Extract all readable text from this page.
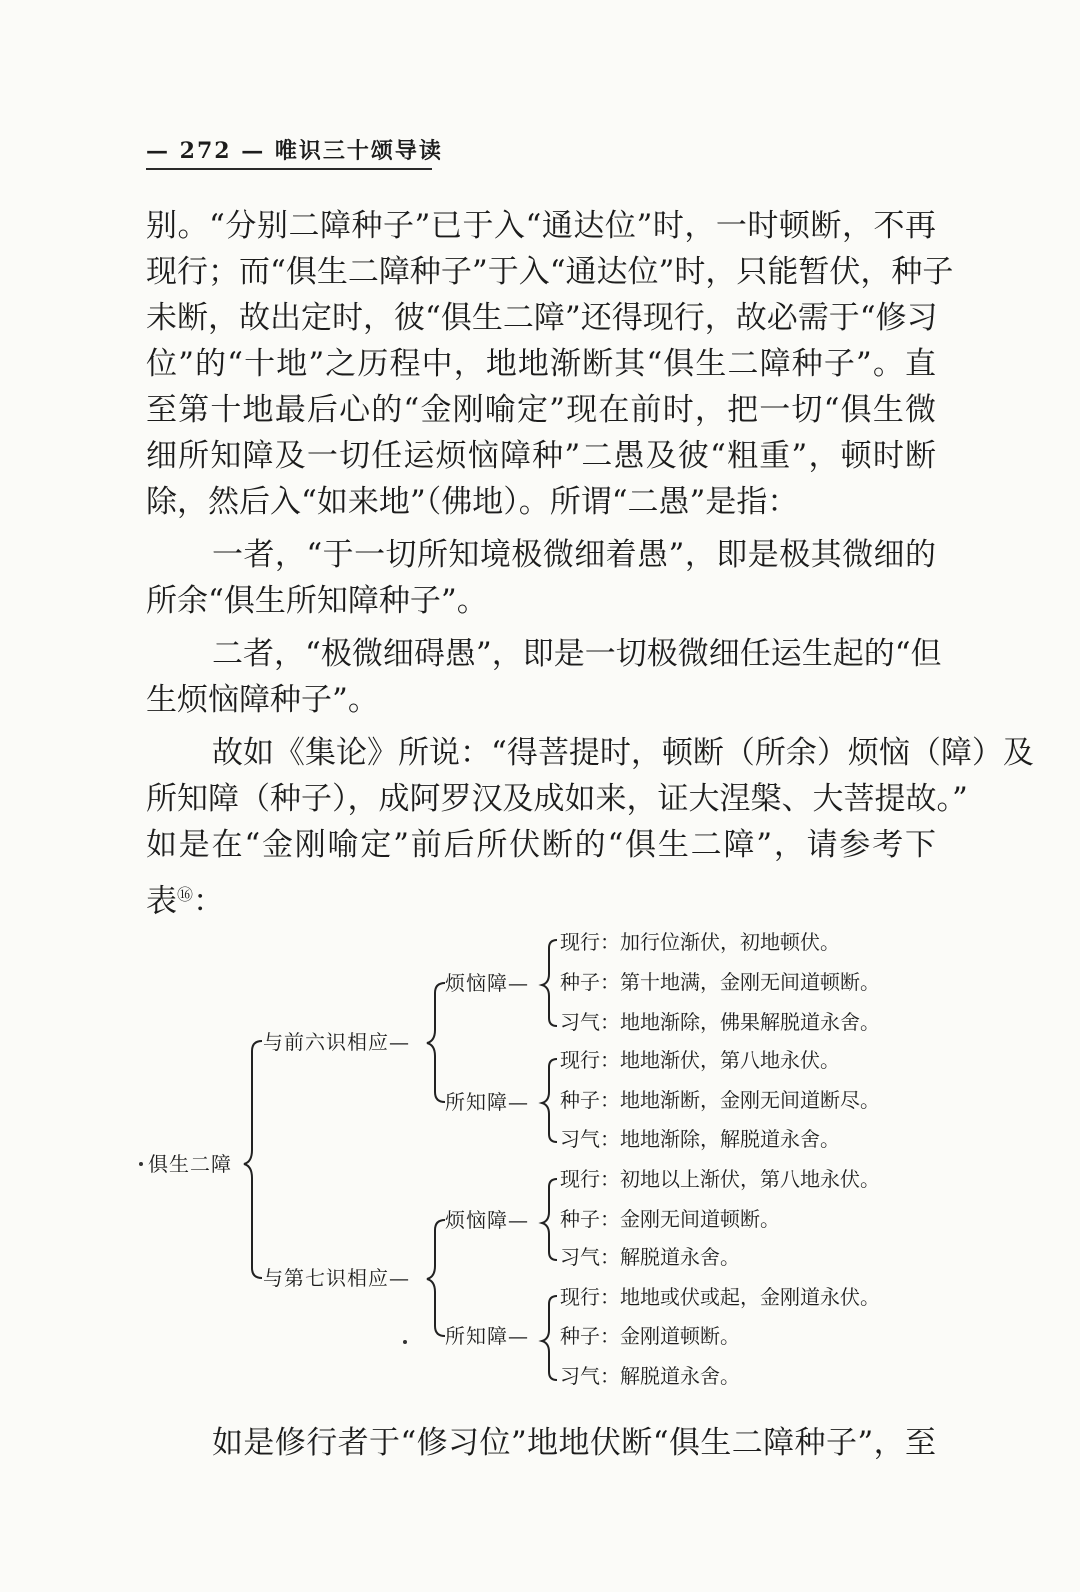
— 272 — 唯识三十颂导读
别。“分别二障种子”已于入“通达位”时，一时顿断，不再
现行；而“俱生二障种子”于入“通达位”时，只能暂伏，种子
未断，故出定时，彼“俱生二障”还得现行，故必需于“修习
位”的“十地”之历程中，地地渐断其“俱生二障种子”。直
至第十地最后心的“金刚喻定”现在前时，把一切“俱生微
细所知障及一切任运烦恼障种”二愚及彼“粗重”，顿时断
除，然后入“如来地”（佛地）。所谓“二愚”是指：
一者，“于一切所知境极微细着愚”，即是极其微细的
所余“俱生所知障种子”。
二者，“极微细碍愚”，即是一切极微细任运生起的“但
生烦恼障种子”。
故如《集论》所说：“得菩提时，顿断（所余）烦恼（障）及
所知障（种子），成阿罗汉及成如来，证大涅槃、大菩提故。”
如是在“金刚喻定”前后所伏断的“俱生二障”，请参考下
表⑯：
俱生二障
与前六识相应—
与第七识相应—
烦恼障—
所知障—
烦恼障—
所知障—
现行：加行位渐伏，初地顿伏。
种子：第十地满，金刚无间道顿断。
习气：地地渐除，佛果解脱道永舍。
现行：地地渐伏，第八地永伏。
种子：地地渐断，金刚无间道断尽。
习气：地地渐除，解脱道永舍。
现行：初地以上渐伏，第八地永伏。
种子：金刚无间道顿断。
习气：解脱道永舍。
现行：地地或伏或起，金刚道永伏。
种子：金刚道顿断。
习气：解脱道永舍。
如是修行者于“修习位”地地伏断“俱生二障种子”，至
